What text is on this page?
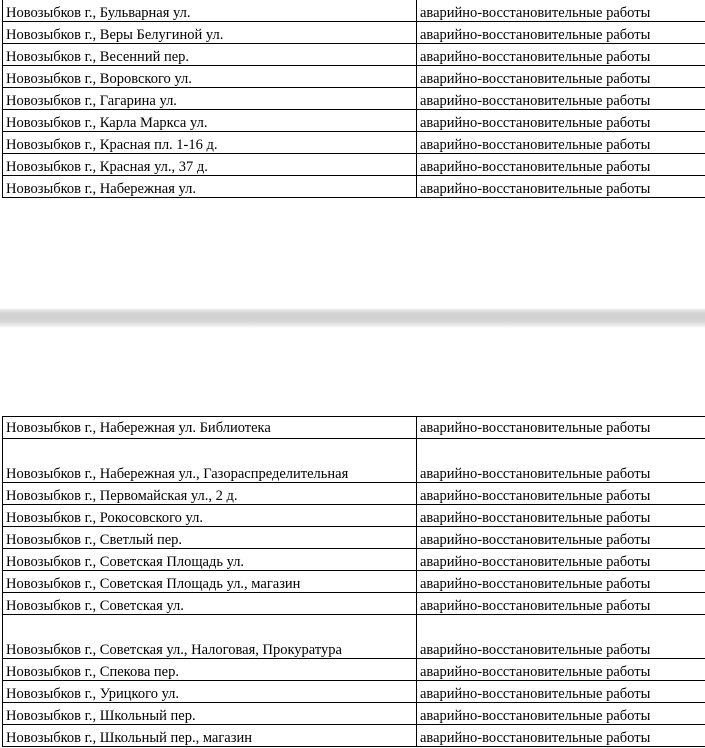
Новозыбков г., Бульварная ул.	аварийно-восстановительные работы
Новозыбков г., Веры Белугиной ул.	аварийно-восстановительные работы
Новозыбков г., Весенний пер.	аварийно-восстановительные работы
Новозыбков г., Воровского ул.	аварийно-восстановительные работы
Новозыбков г., Гагарина ул.	аварийно-восстановительные работы
Новозыбков г., Карла Маркса ул.	аварийно-восстановительные работы
Новозыбков г., Красная пл. 1-16 д.	аварийно-восстановительные работы
Новозыбков г., Красная ул., 37 д.	аварийно-восстановительные работы
Новозыбков г., Набережная ул.	аварийно-восстановительные работы
Новозыбков г., Набережная ул. Библиотека	аварийно-восстановительные работы
Новозыбков г., Набережная ул., Газораспределительная	аварийно-восстановительные работы
Новозыбков г., Первомайская ул., 2 д.	аварийно-восстановительные работы
Новозыбков г., Рокосовского ул.	аварийно-восстановительные работы
Новозыбков г., Светлый пер.	аварийно-восстановительные работы
Новозыбков г., Советская Площадь ул.	аварийно-восстановительные работы
Новозыбков г., Советская Площадь ул., магазин	аварийно-восстановительные работы
Новозыбков г., Советская ул.	аварийно-восстановительные работы
Новозыбков г., Советская ул., Налоговая, Прокуратура	аварийно-восстановительные работы
Новозыбков г., Спекова пер.	аварийно-восстановительные работы
Новозыбков г., Урицкого ул.	аварийно-восстановительные работы
Новозыбков г., Школьный пер.	аварийно-восстановительные работы
Новозыбков г., Школьный пер., магазин	аварийно-восстановительные работы
